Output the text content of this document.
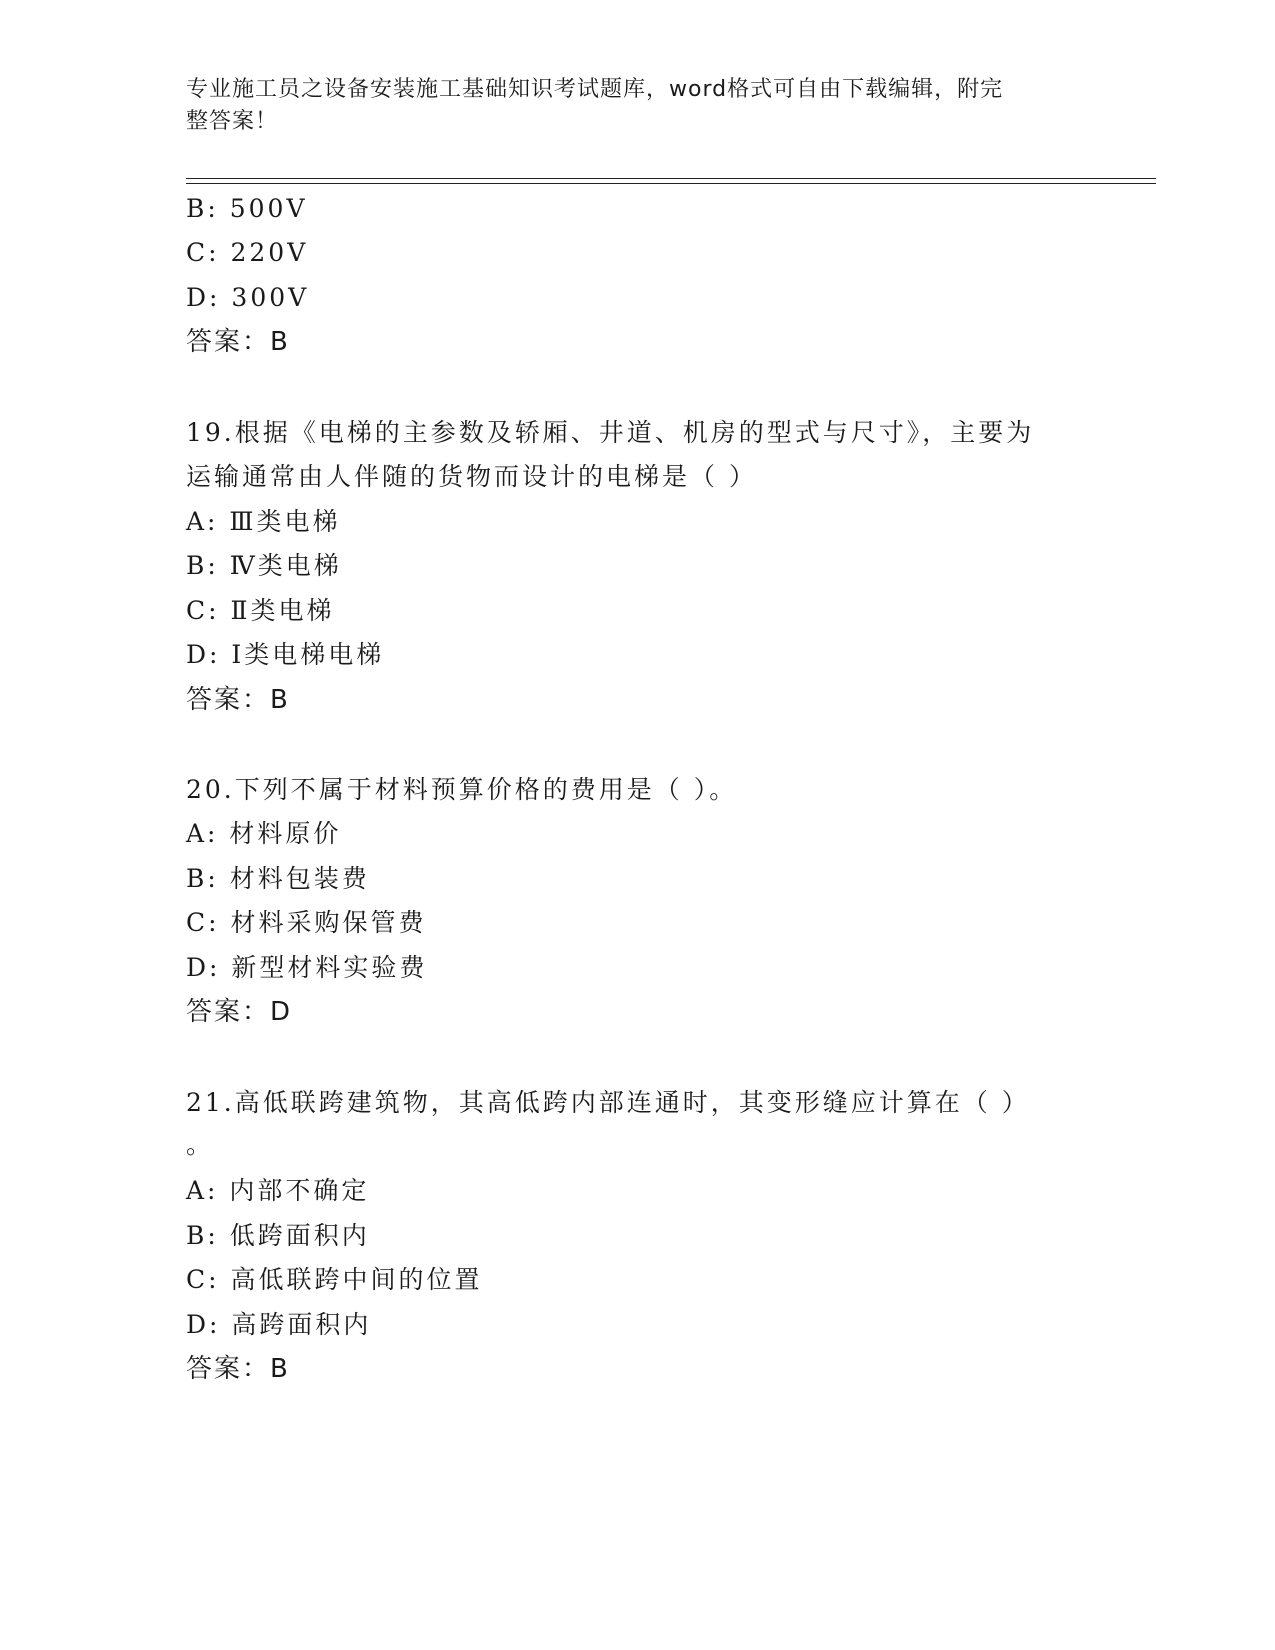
专业施工员之设备安装施工基础知识考试题库，word格式可自由下载编辑，附完
整答案！
B: 500V
C: 220V
D: 300V
答案：B
19.根据《电梯的主参数及轿厢、井道、机房的型式与尺寸》，主要为
运输通常由人伴随的货物而设计的电梯是（ ）
A: Ⅲ类电梯
B: Ⅳ类电梯
C: Ⅱ类电梯
D: Ⅰ类电梯电梯
答案：B
20.下列不属于材料预算价格的费用是（ ）。
A: 材料原价
B: 材料包装费
C: 材料采购保管费
D: 新型材料实验费
答案：D
21.高低联跨建筑物，其高低跨内部连通时，其变形缝应计算在（ ）
。
A: 内部不确定
B: 低跨面积内
C: 高低联跨中间的位置
D: 高跨面积内
答案：B
